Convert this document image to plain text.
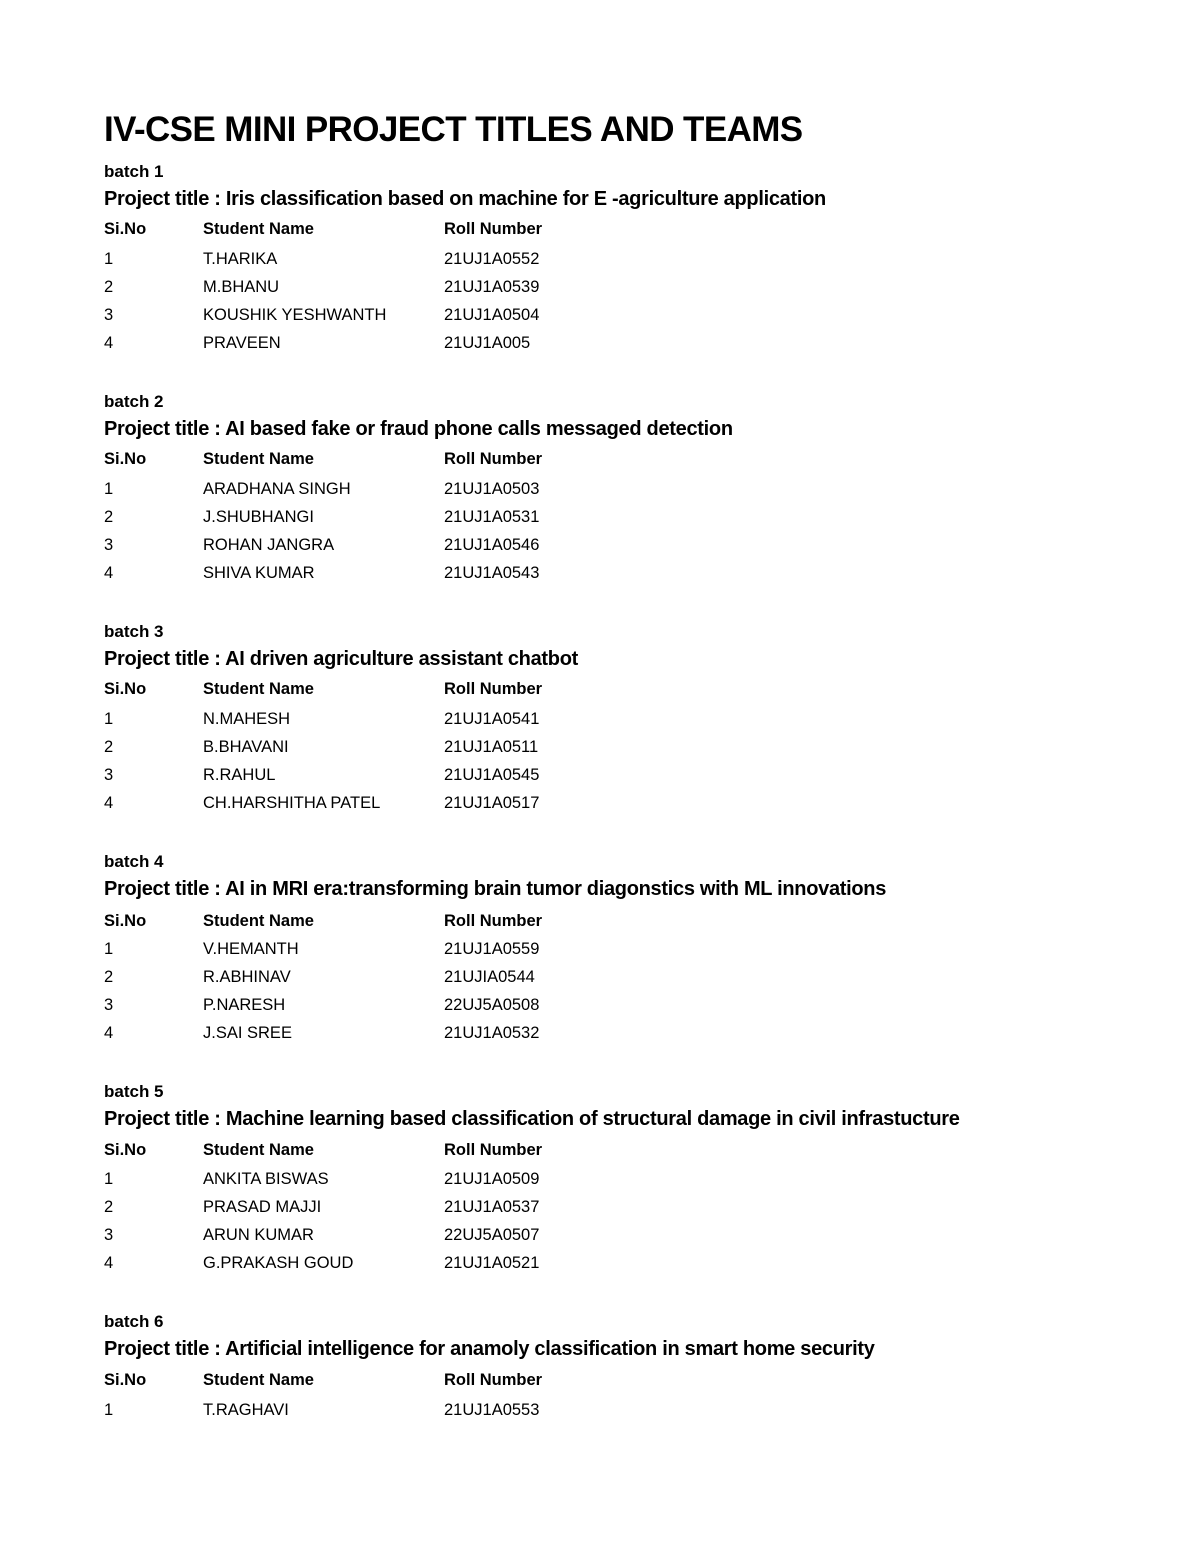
IV-CSE MINI PROJECT TITLES AND TEAMS
batch 1
Project title : Iris classification based on machine for E -agriculture application
Si.No	Student Name	Roll Number
1	T.HARIKA	21UJ1A0552
2	M.BHANU	21UJ1A0539
3	KOUSHIK YESHWANTH	21UJ1A0504
4	PRAVEEN	21UJ1A005
batch 2
Project title : AI based fake or fraud phone calls messaged detection
Si.No	Student Name	Roll Number
1	ARADHANA SINGH	21UJ1A0503
2	J.SHUBHANGI	21UJ1A0531
3	ROHAN JANGRA	21UJ1A0546
4	SHIVA KUMAR	21UJ1A0543
batch 3
Project title : AI driven agriculture assistant chatbot
Si.No	Student Name	Roll Number
1	N.MAHESH	21UJ1A0541
2	B.BHAVANI	21UJ1A0511
3	R.RAHUL	21UJ1A0545
4	CH.HARSHITHA PATEL	21UJ1A0517
batch 4
Project title : AI in MRI era:transforming brain tumor diagonstics with ML innovations
Si.No	Student Name	Roll Number
1	V.HEMANTH	21UJ1A0559
2	R.ABHINAV	21UJIA0544
3	P.NARESH	22UJ5A0508
4	J.SAI SREE	21UJ1A0532
batch 5
Project title : Machine learning based classification of structural damage in civil infrastucture
Si.No	Student Name	Roll Number
1	ANKITA BISWAS	21UJ1A0509
2	PRASAD MAJJI	21UJ1A0537
3	ARUN KUMAR	22UJ5A0507
4	G.PRAKASH GOUD	21UJ1A0521
batch 6
Project title : Artificial intelligence for anamoly classification in smart home security
Si.No	Student Name	Roll Number
1	T.RAGHAVI	21UJ1A0553
